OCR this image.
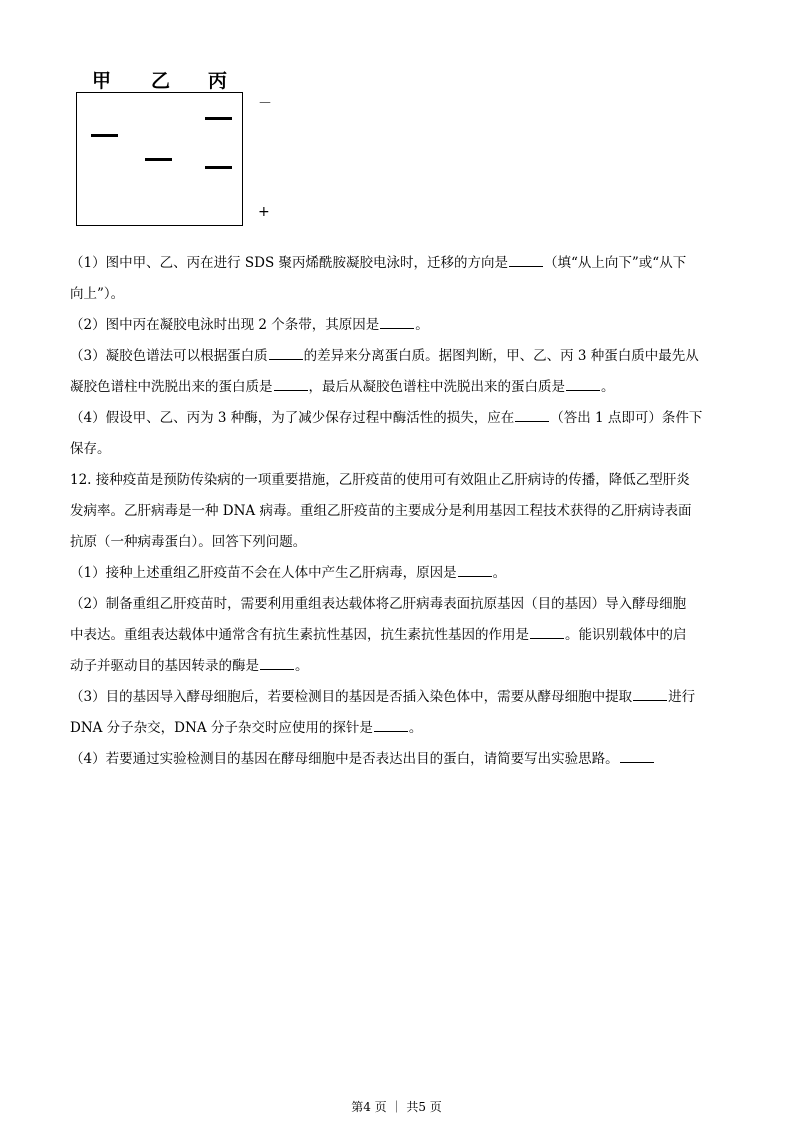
甲 乙 丙
－
+

（1）图中甲、乙、丙在进行 SDS 聚丙烯酰胺凝胶电泳时，迁移的方向是	（填“从上向下”或“从下

向上”）。

（2）图中丙在凝胶电泳时出现 2 个条带，其原因是	。

（3）凝胶色谱法可以根据蛋白质	的差异来分离蛋白质。据图判断，甲、乙、丙 3 种蛋白质中最先从

凝胶色谱柱中洗脱出来的蛋白质是	，最后从凝胶色谱柱中洗脱出来的蛋白质是	。

（4）假设甲、乙、丙为 3 种酶，为了减少保存过程中酶活性的损失，应在	（答出 1 点即可）条件下

保存。

12. 接种疫苗是预防传染病的一项重要措施，乙肝疫苗的使用可有效阻止乙肝病诗的传播，降低乙型肝炎

发病率。乙肝病毒是一种 DNA 病毒。重组乙肝疫苗的主要成分是利用基因工程技术获得的乙肝病诗表面

抗原（一种病毒蛋白）。回答下列问题。

（1）接种上述重组乙肝疫苗不会在人体中产生乙肝病毒，原因是	。

（2）制备重组乙肝疫苗时，需要利用重组表达载体将乙肝病毒表面抗原基因（目的基因）导入酵母细胞

中表达。重组表达载体中通常含有抗生素抗性基因，抗生素抗性基因的作用是	。能识别载体中的启

动子并驱动目的基因转录的酶是	。

（3）目的基因导入酵母细胞后，若要检测目的基因是否插入染色体中，需要从酵母细胞中提取	进行

DNA 分子杂交，DNA 分子杂交时应使用的探针是	。

（4）若要通过实验检测目的基因在酵母细胞中是否表达出目的蛋白，请简要写出实验思路。

第4 页 ｜ 共5 页
